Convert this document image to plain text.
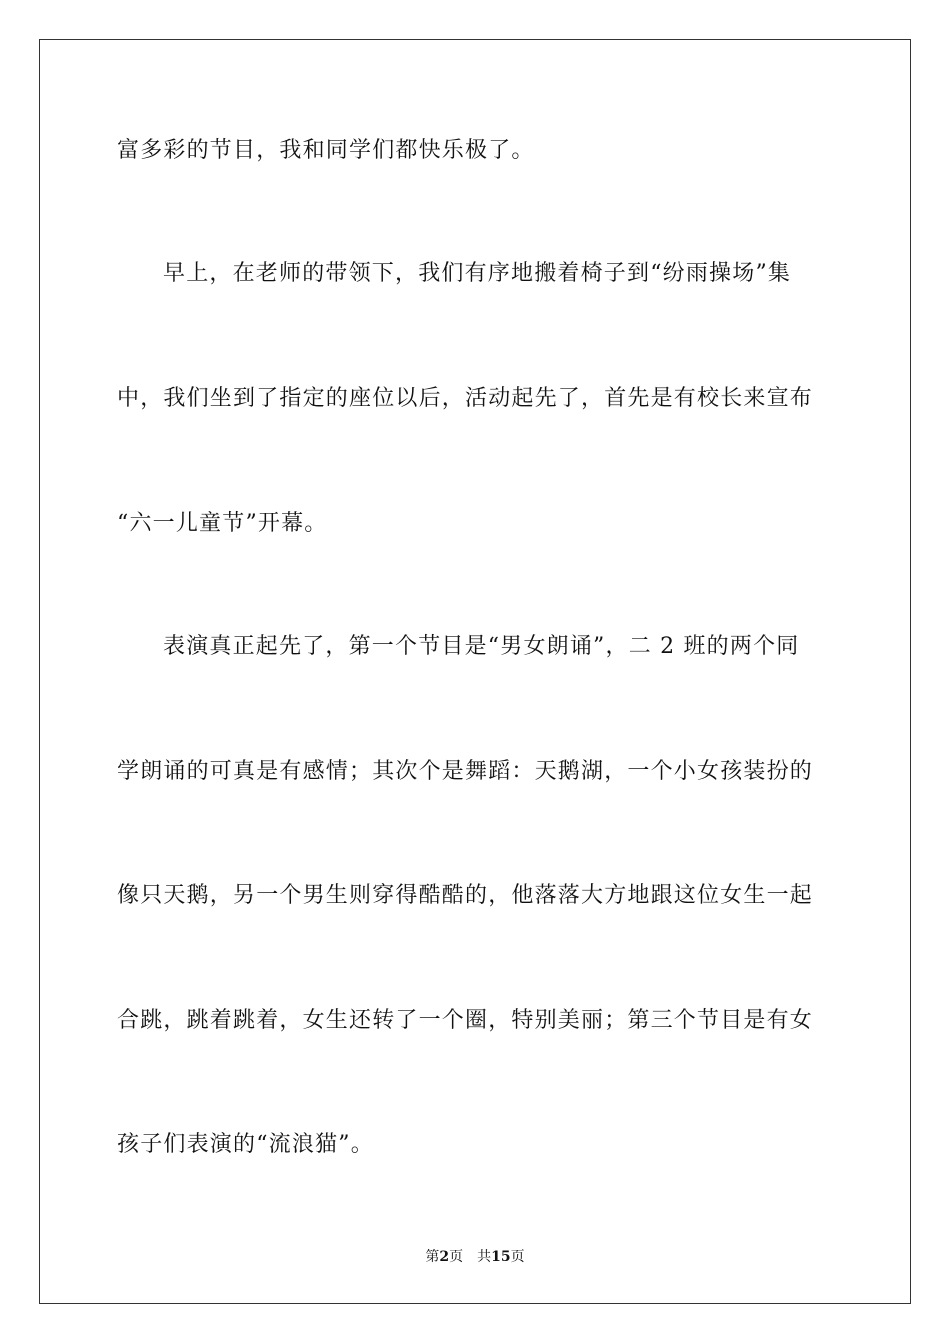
富多彩的节目，我和同学们都快乐极了。
早上，在老师的带领下，我们有序地搬着椅子到“纷雨操场”集
中，我们坐到了指定的座位以后，活动起先了，首先是有校长来宣布
“六一儿童节”开幕。
表演真正起先了，第一个节目是“男女朗诵”，二 2 班的两个同
学朗诵的可真是有感情；其次个是舞蹈：天鹅湖，一个小女孩装扮的
像只天鹅，另一个男生则穿得酷酷的，他落落大方地跟这位女生一起
合跳，跳着跳着，女生还转了一个圈，特别美丽；第三个节目是有女
孩子们表演的“流浪猫”。
第2页 共15页
